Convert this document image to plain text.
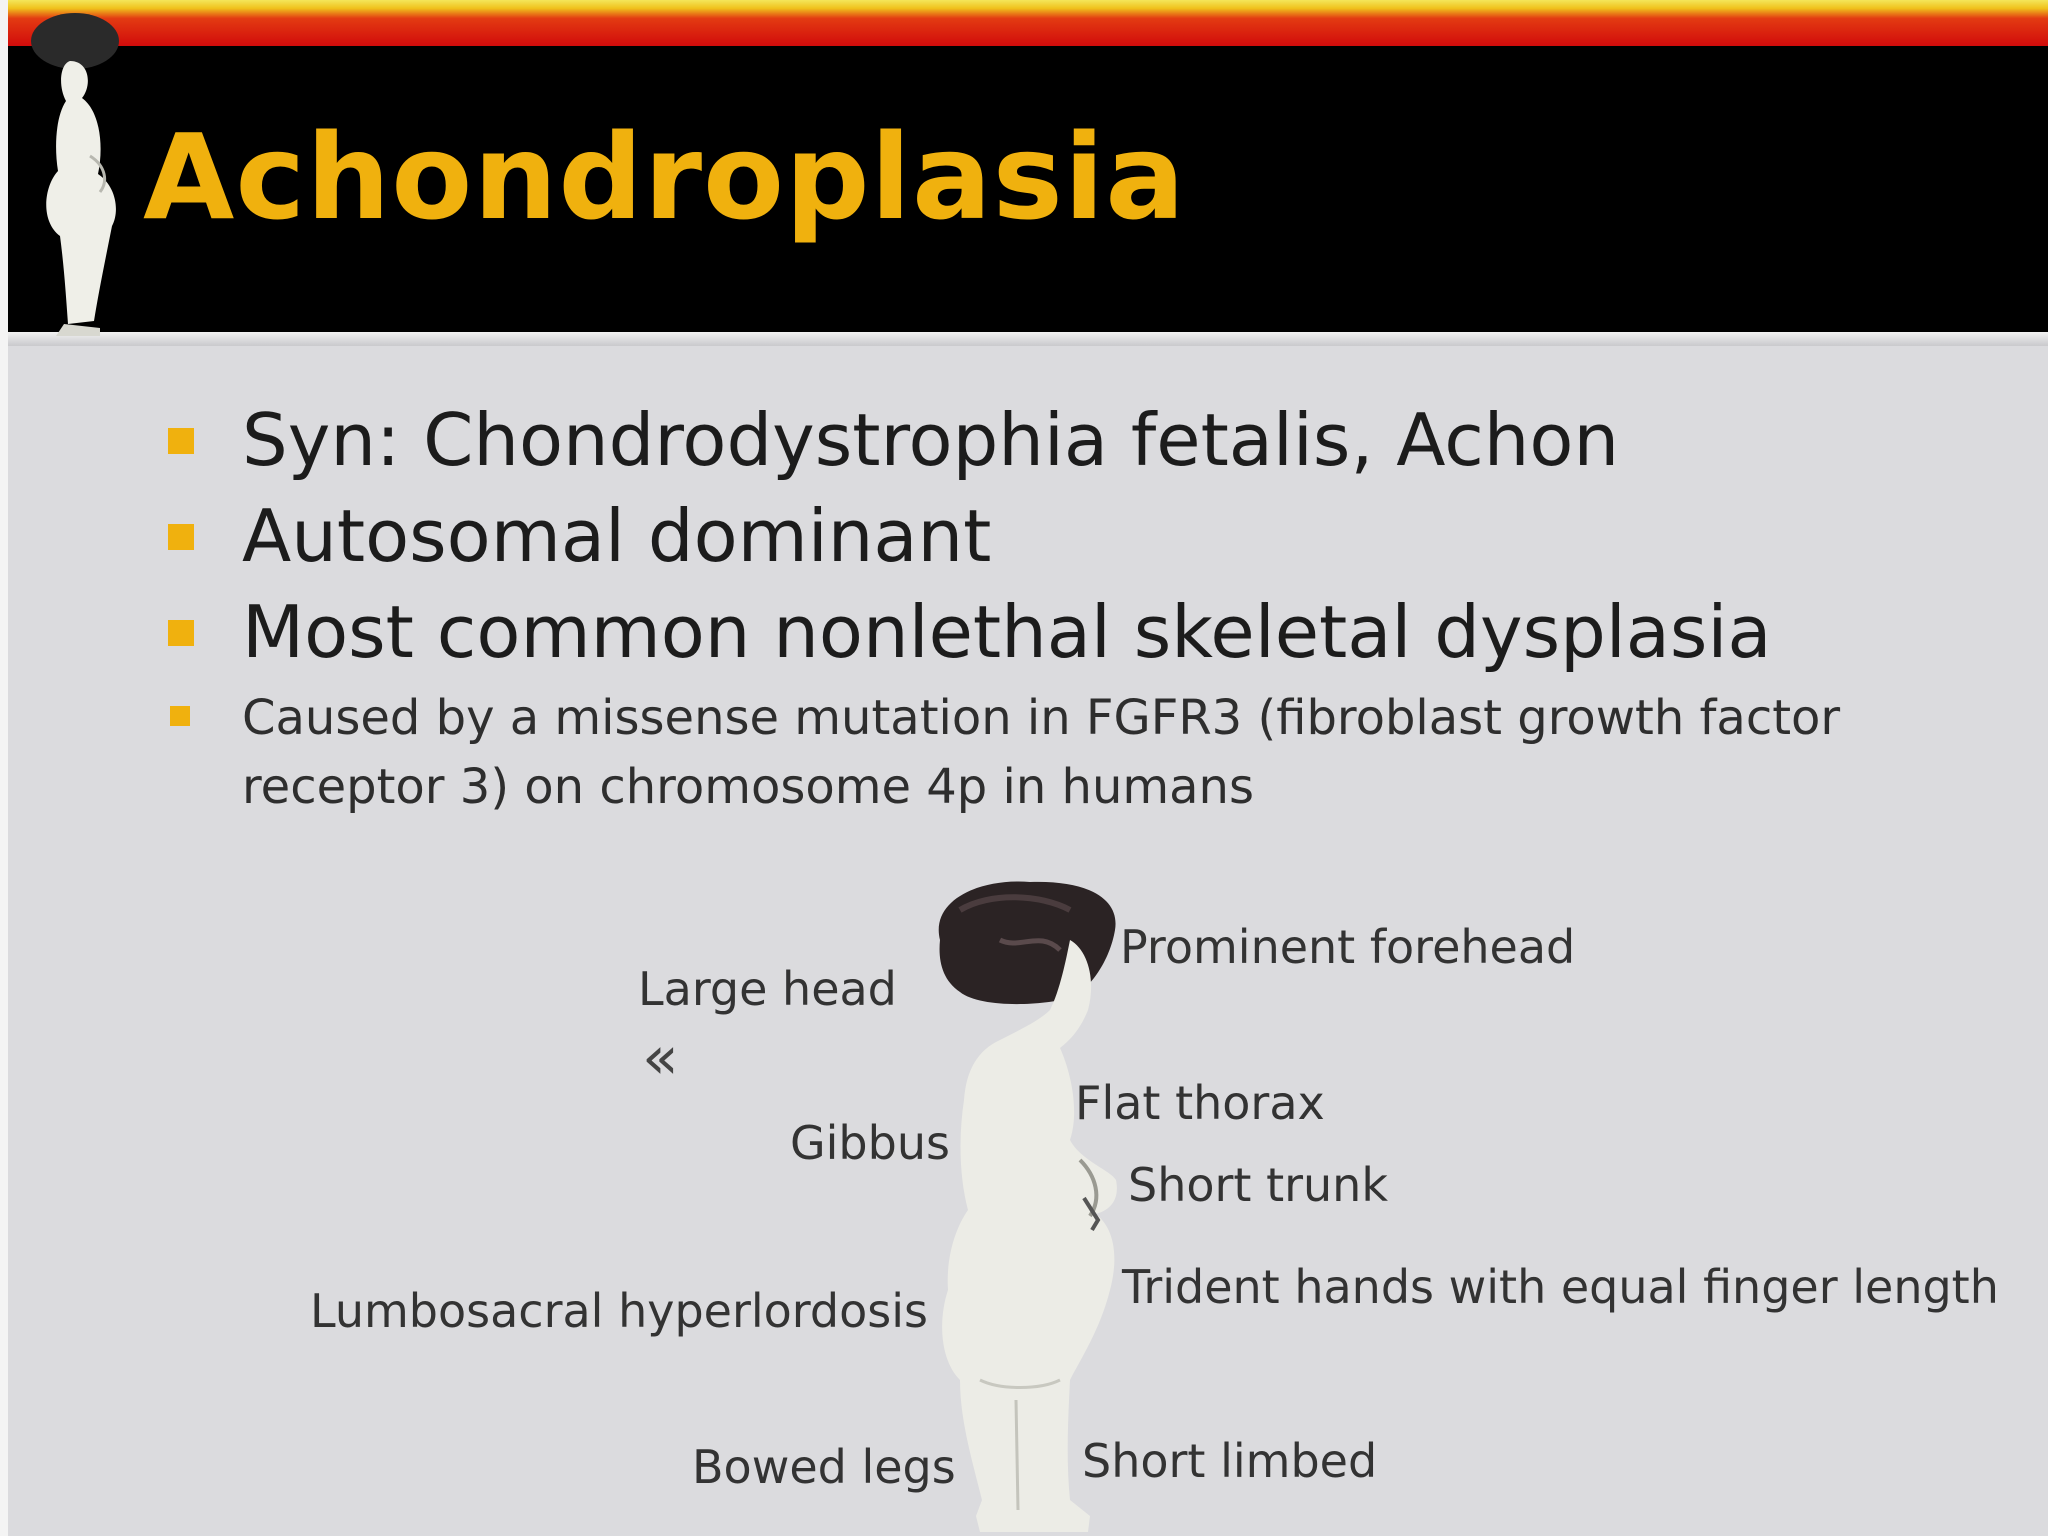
Achondroplasia
Syn: Chondrodystrophia fetalis, Achon
Autosomal dominant
Most common nonlethal skeletal dysplasia
Caused by a missense mutation in FGFR3 (fibroblast growth factor receptor 3) on chromosome 4p in humans
Large head
«
Prominent forehead
Gibbus
Flat thorax
Short trunk
Trident hands with equal finger length
Lumbosacral hyperlordosis
Bowed legs	Short limbed
